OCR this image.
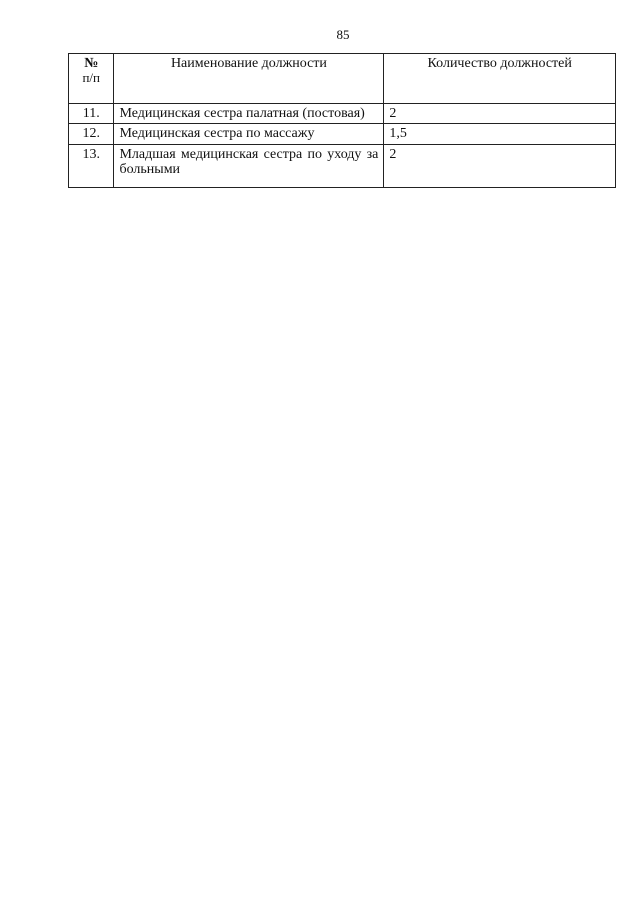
85
№
п/п	Наименование должности	Количество должностей
11.	Медицинская сестра палатная (постовая)	2
12.	Медицинская сестра по массажу	1,5
13.	Младшая медицинская сестра по уходу за больными	2
